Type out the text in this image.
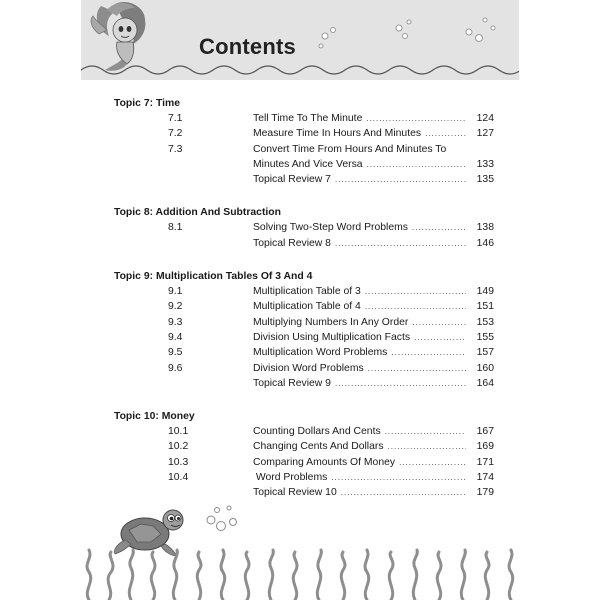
Contents
Topic 7: Time
7.1	Tell Time To The Minute .....	124
7.2	Measure Time In Hours And Minutes .....	127
7.3	Convert Time From Hours And Minutes To
Minutes And Vice Versa .....	133
Topical Review 7 .....	135
Topic 8: Addition And Subtraction
8.1	Solving Two-Step Word Problems .....	138
Topical Review 8 .....	146
Topic 9: Multiplication Tables Of 3 And 4
9.1	Multiplication Table of 3 .....	149
9.2	Multiplication Table of 4 .....	151
9.3	Multiplying Numbers In Any Order .....	153
9.4	Division Using Multiplication Facts .....	155
9.5	Multiplication Word Problems .....	157
9.6	Division Word Problems .....	160
Topical Review 9 .....	164
Topic 10: Money
10.1	Counting Dollars And Cents .....	167
10.2	Changing Cents And Dollars .....	169
10.3	Comparing Amounts Of Money .....	171
10.4	Word Problems .....	174
Topical Review 10 .....	179
